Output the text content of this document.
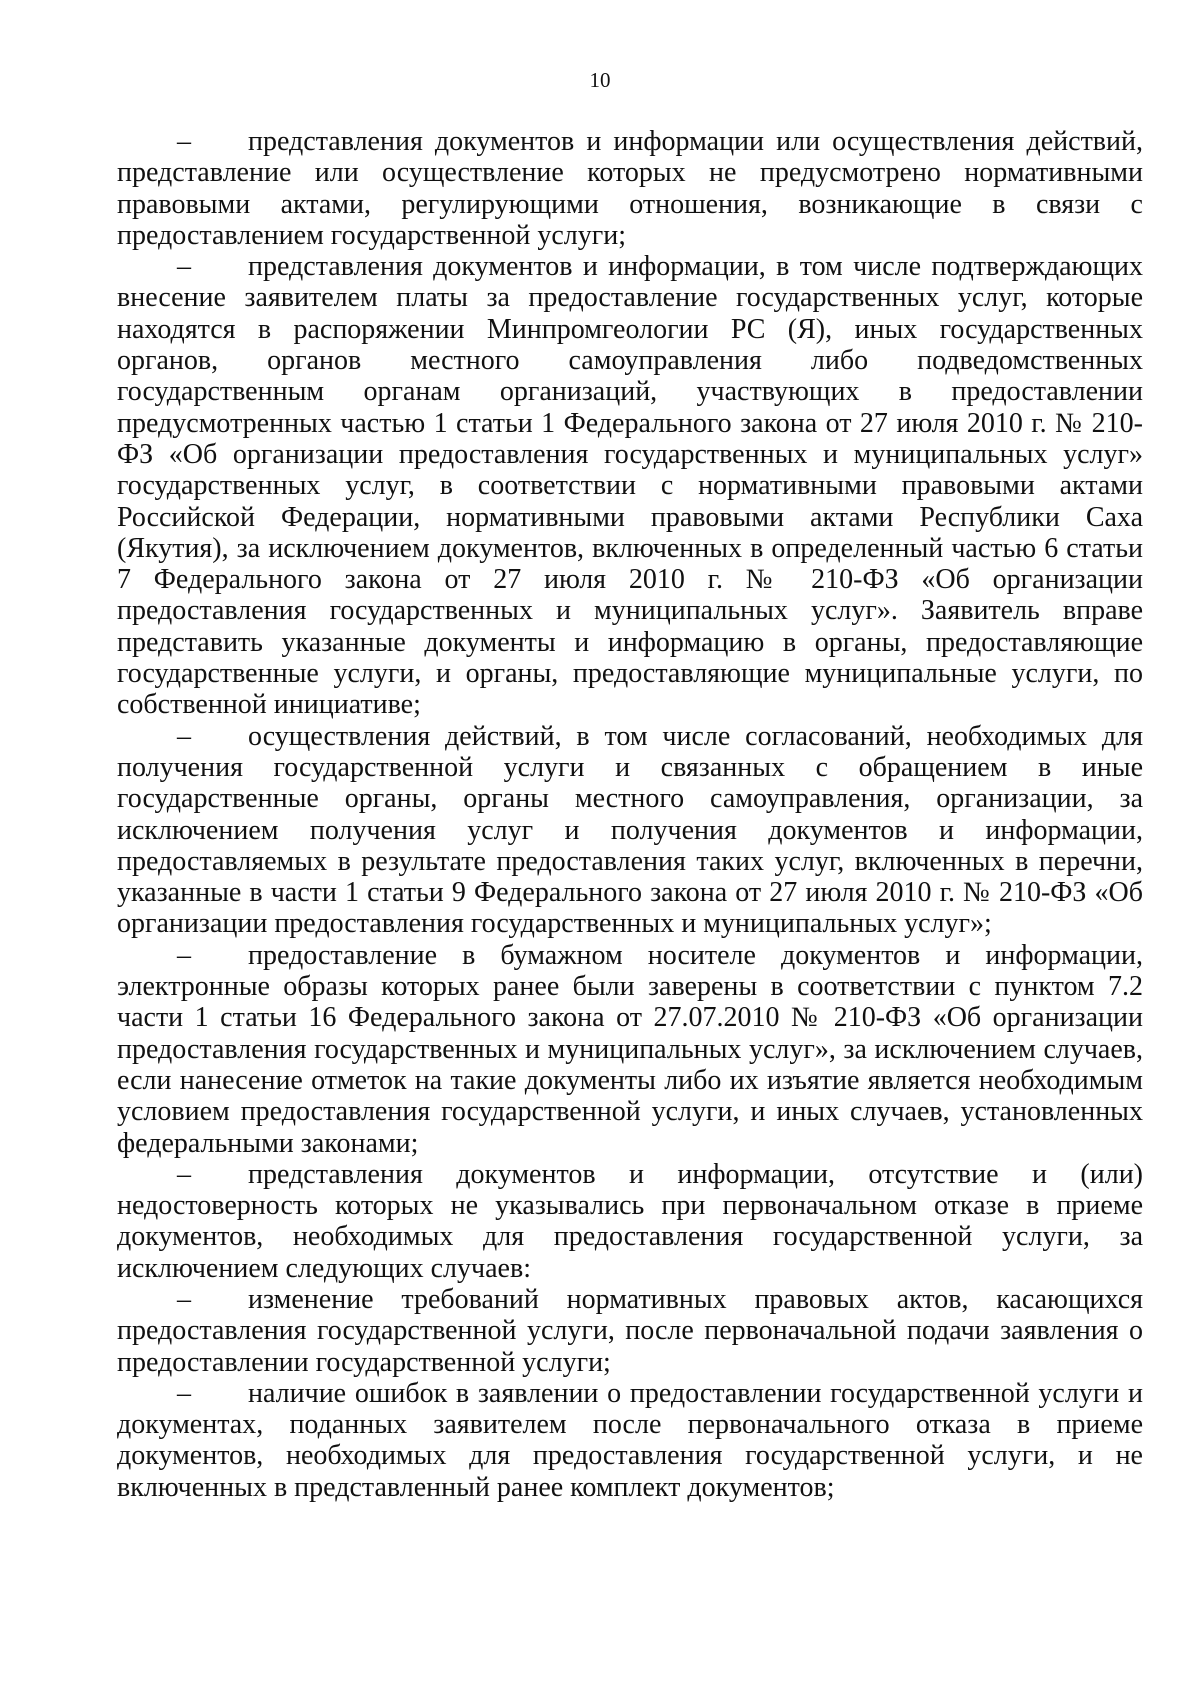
10

– представления документов и информации или осуществления действий, представление или осуществление которых не предусмотрено нормативными правовыми актами, регулирующими отношения, возникающие в связи с предоставлением государственной услуги;

– представления документов и информации, в том числе подтверждающих внесение заявителем платы за предоставление государственных услуг, которые находятся в распоряжении Минпромгеологии РС (Я), иных государственных органов, органов местного самоуправления либо подведомственных государственным органам организаций, участвующих в предоставлении предусмотренных частью 1 статьи 1 Федерального закона от 27 июля 2010 г. № 210-ФЗ «Об организации предоставления государственных и муниципальных услуг» государственных услуг, в соответствии с нормативными правовыми актами Российской Федерации, нормативными правовыми актами Республики Саха (Якутия), за исключением документов, включенных в определенный частью 6 статьи 7 Федерального закона от 27 июля 2010 г. № 210-ФЗ «Об организации предоставления государственных и муниципальных услуг». Заявитель вправе представить указанные документы и информацию в органы, предоставляющие государственные услуги, и органы, предоставляющие муниципальные услуги, по собственной инициативе;

– осуществления действий, в том числе согласований, необходимых для получения государственной услуги и связанных с обращением в иные государственные органы, органы местного самоуправления, организации, за исключением получения услуг и получения документов и информации, предоставляемых в результате предоставления таких услуг, включенных в перечни, указанные в части 1 статьи 9 Федерального закона от 27 июля 2010 г. № 210-ФЗ «Об организации предоставления государственных и муниципальных услуг»;

– предоставление в бумажном носителе документов и информации, электронные образы которых ранее были заверены в соответствии с пунктом 7.2 части 1 статьи 16 Федерального закона от 27.07.2010 № 210-ФЗ «Об организации предоставления государственных и муниципальных услуг», за исключением случаев, если нанесение отметок на такие документы либо их изъятие является необходимым условием предоставления государственной услуги, и иных случаев, установленных федеральными законами;

– представления документов и информации, отсутствие и (или) недостоверность которых не указывались при первоначальном отказе в приеме документов, необходимых для предоставления государственной услуги, за исключением следующих случаев:

– изменение требований нормативных правовых актов, касающихся предоставления государственной услуги, после первоначальной подачи заявления о предоставлении государственной услуги;

– наличие ошибок в заявлении о предоставлении государственной услуги и документах, поданных заявителем после первоначального отказа в приеме документов, необходимых для предоставления государственной услуги, и не включенных в представленный ранее комплект документов;
